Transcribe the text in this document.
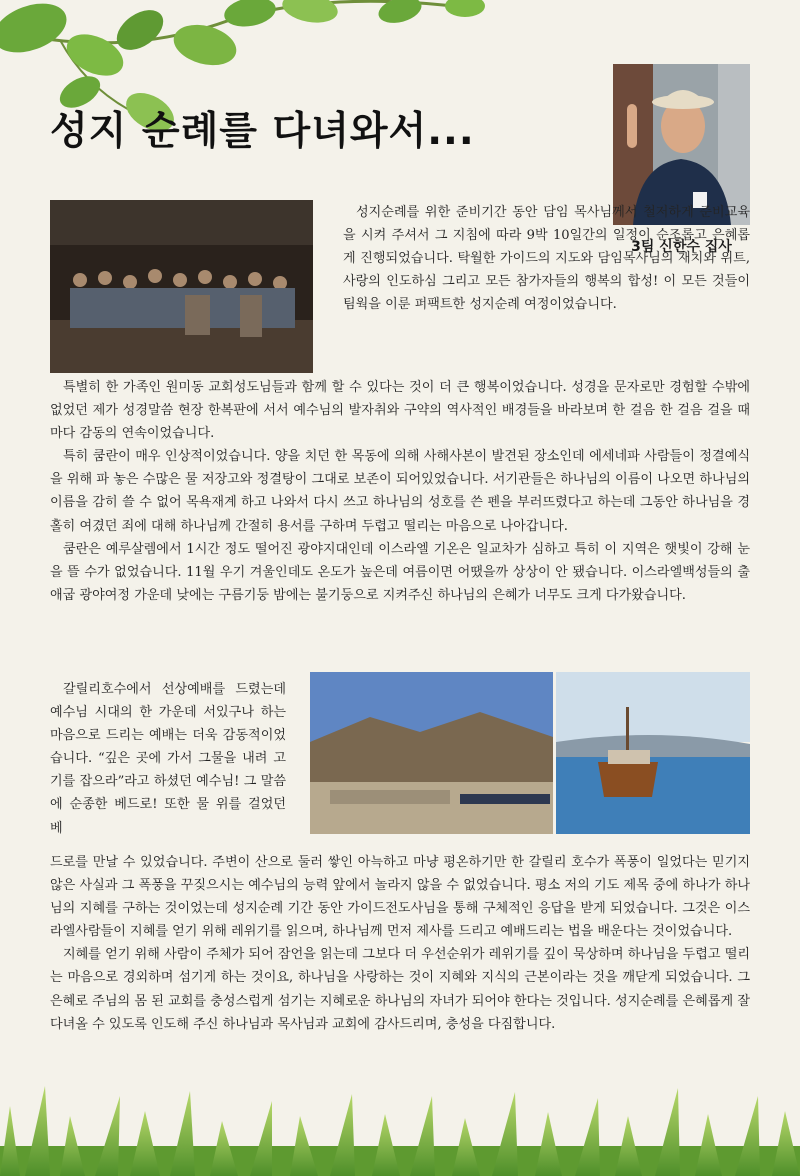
성지 순례를 다녀와서...
3팀 신한수 집사

성지순례를 위한 준비기간 동안 담임 목사님께서 철저하게 준비교육을 시켜 주셔서 그 지침에 따라 9박 10일간의 일정이 순조롭고 은혜롭게 진행되었습니다. 탁월한 가이드의 지도와 담임목사님의 재치와 위트, 사랑의 인도하심 그리고 모든 참가자들의 행복의 합성! 이 모든 것들이 팀웍을 이룬 퍼팩트한 성지순례 여정이었습니다.

특별히 한 가족인 원미동 교회성도님들과 함께 할 수 있다는 것이 더 큰 행복이었습니다. 성경을 문자로만 경험할 수밖에 없었던 제가 성경말씀 현장 한복판에 서서 예수님의 발자취와 구약의 역사적인 배경들을 바라보며 한 걸음 한 걸음 걸을 때마다 감동의 연속이었습니다.
특히 쿰란이 매우 인상적이었습니다. 양을 치던 한 목동에 의해 사해사본이 발견된 장소인데 에세네파 사람들이 정결예식을 위해 파 놓은 수많은 물 저장고와 정결탕이 그대로 보존이 되어있었습니다. 서기관들은 하나님의 이름이 나오면 하나님의 이름을 감히 쓸 수 없어 목욕재계 하고 나와서 다시 쓰고 하나님의 성호를 쓴 펜을 부러뜨렸다고 하는데 그동안 하나님을 경홀히 여겼던 죄에 대해 하나님께 간절히 용서를 구하며 두렵고 떨리는 마음으로 나아갑니다.
쿰란은 예루살렘에서 1시간 정도 떨어진 광야지대인데 이스라엘 기온은 일교차가 심하고 특히 이 지역은 햇빛이 강해 눈을 뜰 수가 없었습니다. 11월 우기 겨울인데도 온도가 높은데 여름이면 어땠을까 상상이 안 됐습니다. 이스라엘백성들의 출애굽 광야여정 가운데 낮에는 구름기둥 밤에는 불기둥으로 지켜주신 하나님의 은혜가 너무도 크게 다가왔습니다.

갈릴리호수에서 선상예배를 드렸는데 예수님 시대의 한 가운데 서있구나 하는 마음으로 드리는 예배는 더욱 감동적이었습니다. “깊은 곳에 가서 그물을 내려 고기를 잡으라”라고 하셨던 예수님! 그 말씀에 순종한 베드로! 또한 물 위를 걸었던 베

드로를 만날 수 있었습니다. 주변이 산으로 둘러 쌓인 아늑하고 마냥 평온하기만 한 갈릴리 호수가 폭풍이 일었다는 믿기지 않은 사실과 그 폭풍을 꾸짖으시는 예수님의 능력 앞에서 놀라지 않을 수 없었습니다. 평소 저의 기도 제목 중에 하나가 하나님의 지혜를 구하는 것이었는데 성지순례 기간 동안 가이드전도사님을 통해 구체적인 응답을 받게 되었습니다. 그것은 이스라엘사람들이 지혜를 얻기 위해 레위기를 읽으며, 하나님께 먼저 제사를 드리고 예배드리는 법을 배운다는 것이었습니다.
지혜를 얻기 위해 사람이 주체가 되어 잠언을 읽는데 그보다 더 우선순위가 레위기를 깊이 묵상하며 하나님을 두렵고 떨리는 마음으로 경외하며 섬기게 하는 것이요, 하나님을 사랑하는 것이 지혜와 지식의 근본이라는 것을 깨닫게 되었습니다. 그 은혜로 주님의 몸 된 교회를 충성스럽게 섬기는 지혜로운 하나님의 자녀가 되어야 한다는 것입니다. 성지순례를 은혜롭게 잘 다녀올 수 있도록 인도해 주신 하나님과 목사님과 교회에 감사드리며, 충성을 다짐합니다.
